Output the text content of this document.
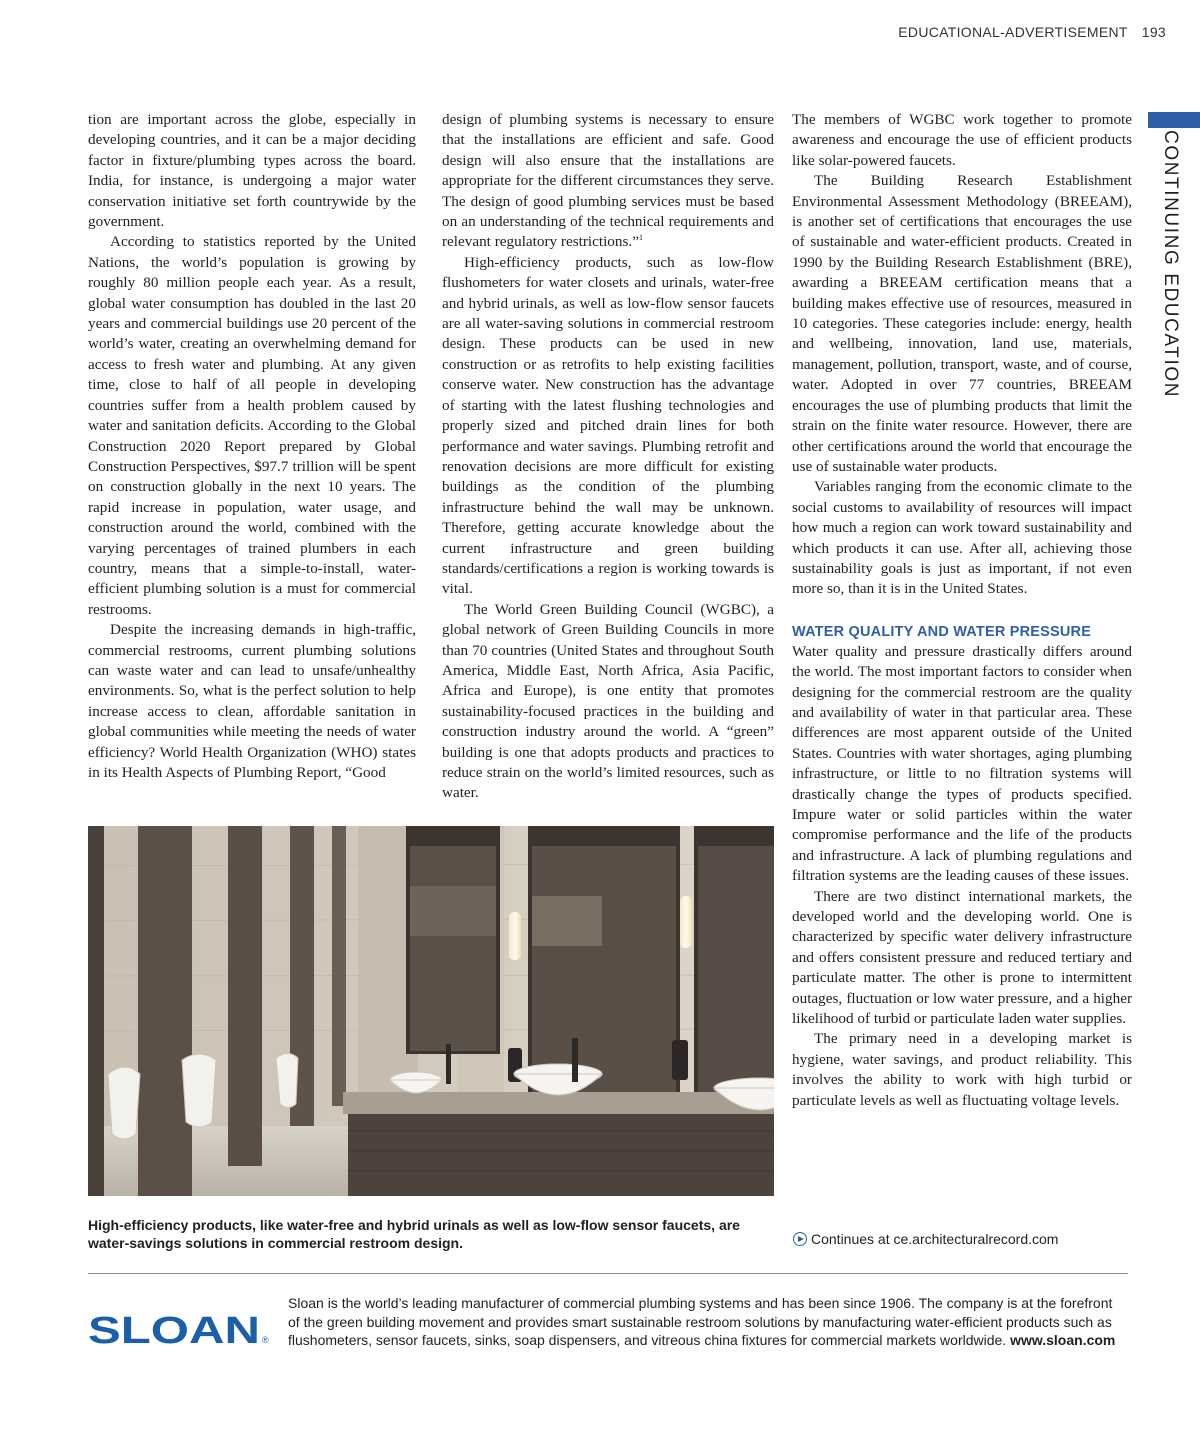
EDUCATIONAL-ADVERTISEMENT 193
CONTINUING EDUCATION

tion are important across the globe, especially in developing countries, and it can be a major deciding factor in fixture/plumbing types across the board. India, for instance, is undergoing a major water conservation initiative set forth countrywide by the government.

According to statistics reported by the United Nations, the world’s population is growing by roughly 80 million people each year. As a result, global water consumption has doubled in the last 20 years and commercial buildings use 20 percent of the world’s water, creating an overwhelming demand for access to fresh water and plumbing. At any given time, close to half of all people in developing countries suffer from a health problem caused by water and sanitation deficits. According to the Global Construction 2020 Report prepared by Global Construction Perspectives, $97.7 trillion will be spent on construction globally in the next 10 years. The rapid increase in population, water usage, and construction around the world, combined with the varying percentages of trained plumbers in each country, means that a simple-to-install, water-efficient plumbing solution is a must for commercial restrooms.

Despite the increasing demands in high-traffic, commercial restrooms, current plumbing solutions can waste water and can lead to unsafe/unhealthy environments. So, what is the perfect solution to help increase access to clean, affordable sanitation in global communities while meeting the needs of water efficiency? World Health Organization (WHO) states in its Health Aspects of Plumbing Report, “Good

design of plumbing systems is necessary to ensure that the installations are efficient and safe. Good design will also ensure that the installations are appropriate for the different circumstances they serve. The design of good plumbing services must be based on an understanding of the technical requirements and relevant regulatory restrictions.”$^1$

High-efficiency products, such as low-flow flushometers for water closets and urinals, water-free and hybrid urinals, as well as low-flow sensor faucets are all water-saving solutions in commercial restroom design. These products can be used in new construction or as retrofits to help existing facilities conserve water. New construction has the advantage of starting with the latest flushing technologies and properly sized and pitched drain lines for both performance and water savings. Plumbing retrofit and renovation decisions are more difficult for existing buildings as the condition of the plumbing infrastructure behind the wall may be unknown. Therefore, getting accurate knowledge about the current infrastructure and green building standards/certifications a region is working towards is vital.

The World Green Building Council (WGBC), a global network of Green Building Councils in more than 70 countries (United States and throughout South America, Middle East, North Africa, Asia Pacific, Africa and Europe), is one entity that promotes sustainability-focused practices in the building and construction industry around the world. A “green” building is one that adopts products and practices to reduce strain on the world’s limited resources, such as water.

The members of WGBC work together to promote awareness and encourage the use of efficient products like solar-powered faucets.

The Building Research Establishment Environmental Assessment Methodology (BREEAM), is another set of certifications that encourages the use of sustainable and water-efficient products. Created in 1990 by the Building Research Establishment (BRE), awarding a BREEAM certification means that a building makes effective use of resources, measured in 10 categories. These categories include: energy, health and wellbeing, innovation, land use, materials, management, pollution, transport, waste, and of course, water. Adopted in over 77 countries, BREEAM encourages the use of plumbing products that limit the strain on the finite water resource. However, there are other certifications around the world that encourage the use of sustainable water products.

Variables ranging from the economic climate to the social customs to availability of resources will impact how much a region can work toward sustainability and which products it can use. After all, achieving those sustainability goals is just as important, if not even more so, than it is in the United States.

WATER QUALITY AND WATER PRESSURE

Water quality and pressure drastically differs around the world. The most important factors to consider when designing for the commercial restroom are the quality and availability of water in that particular area. These differences are most apparent outside of the United States. Countries with water shortages, aging plumbing infrastructure, or little to no filtration systems will drastically change the types of products specified. Impure water or solid particles within the water compromise performance and the life of the products and infrastructure. A lack of plumbing regulations and filtration systems are the leading causes of these issues.

There are two distinct international markets, the developed world and the developing world. One is characterized by specific water delivery infrastructure and offers consistent pressure and reduced tertiary and particulate matter. The other is prone to intermittent outages, fluctuation or low water pressure, and a higher likelihood of turbid or particulate laden water supplies.

The primary need in a developing market is hygiene, water savings, and product reliability. This involves the ability to work with high turbid or particulate levels as well as fluctuating voltage levels.

High-efficiency products, like water-free and hybrid urinals as well as low-flow sensor faucets, are water-savings solutions in commercial restroom design.	Continues at ce.architecturalrecord.com
SLOAN ®
Sloan is the world’s leading manufacturer of commercial plumbing systems and has been since 1906. The company is at the forefront of the green building movement and provides smart sustainable restroom solutions by manufacturing water-efficient products such as flushometers, sensor faucets, sinks, soap dispensers, and vitreous china fixtures for commercial markets worldwide. www.sloan.com
